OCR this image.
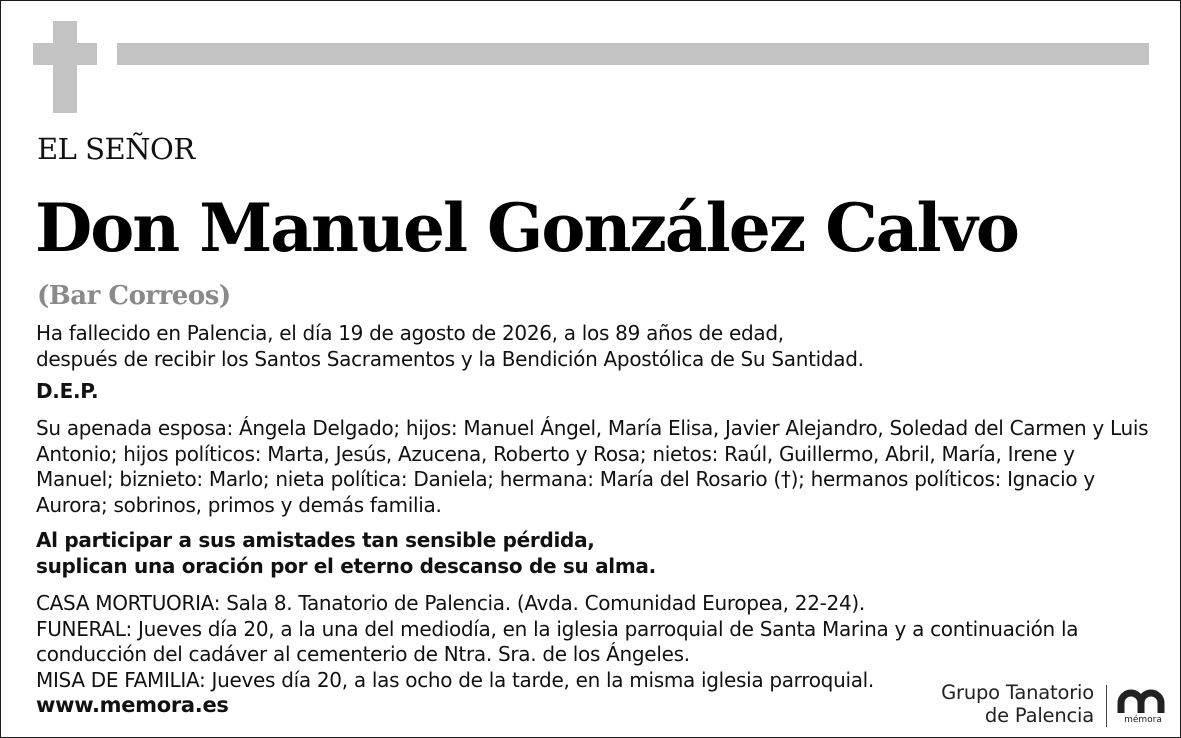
EL SEÑOR
Don Manuel González Calvo
(Bar Correos)
Ha fallecido en Palencia, el día 19 de agosto de 2026, a los 89 años de edad,
después de recibir los Santos Sacramentos y la Bendición Apostólica de Su Santidad.
D.E.P.
Su apenada esposa: Ángela Delgado; hijos: Manuel Ángel, María Elisa, Javier Alejandro, Soledad del Carmen y Luis Antonio; hijos políticos: Marta, Jesús, Azucena, Roberto y Rosa; nietos: Raúl, Guillermo, Abril, María, Irene y Manuel; biznieto: Marlo; nieta política: Daniela; hermana: María del Rosario (†); hermanos políticos: Ignacio y Aurora; sobrinos, primos y demás familia.
Al participar a sus amistades tan sensible pérdida,
suplican una oración por el eterno descanso de su alma.
CASA MORTUORIA: Sala 8. Tanatorio de Palencia. (Avda. Comunidad Europea, 22-24).
FUNERAL: Jueves día 20, a la una del mediodía, en la iglesia parroquial de Santa Marina y a continuación la
conducción del cadáver al cementerio de Ntra. Sra. de los Ángeles.
MISA DE FAMILIA: Jueves día 20, a las ocho de la tarde, en la misma iglesia parroquial.
www.memora.es
Grupo Tanatorio
de Palencia	mémora
